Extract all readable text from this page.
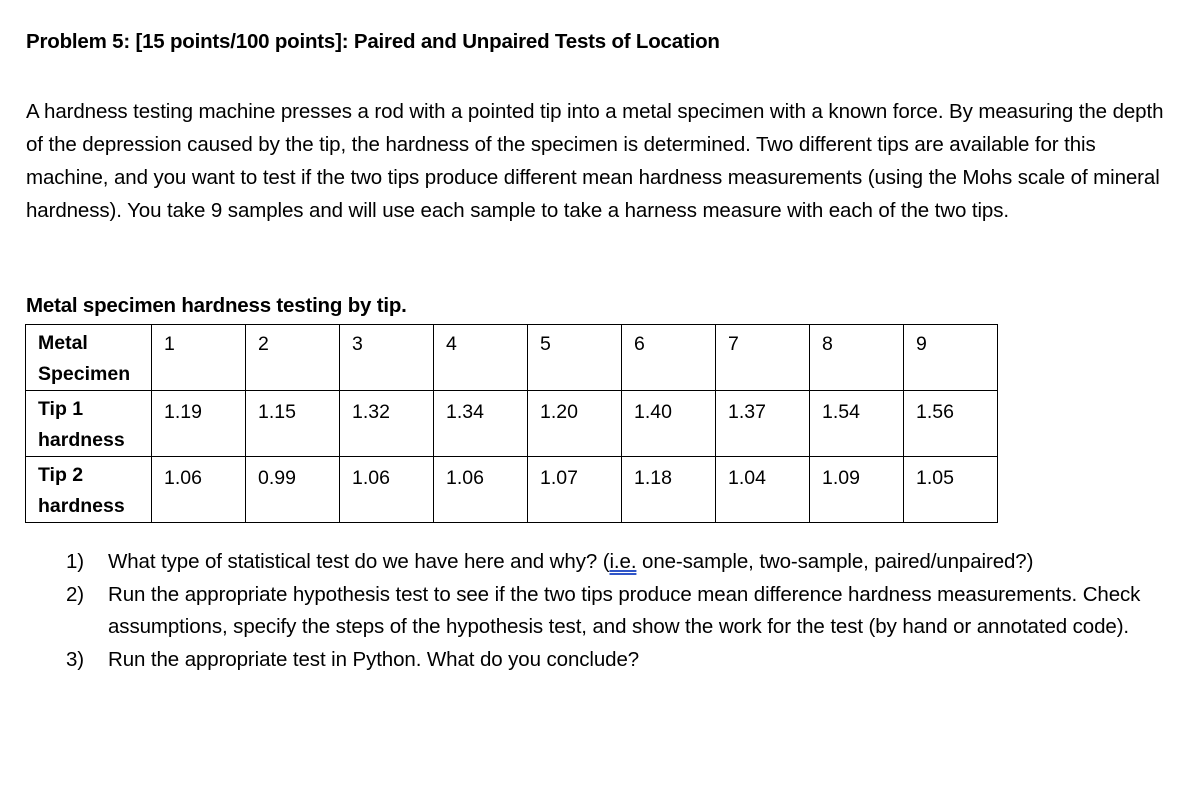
Problem 5: [15 points/100 points]: Paired and Unpaired Tests of Location

A hardness testing machine presses a rod with a pointed tip into a metal specimen with a known force. By measuring the depth of the depression caused by the tip, the hardness of the specimen is determined. Two different tips are available for this machine, and you want to test if the two tips produce different mean hardness measurements (using the Mohs scale of mineral hardness). You take 9 samples and will use each sample to take a harness measure with each of the two tips.

Metal specimen hardness testing by tip.
Metal Specimen	1	2	3	4	5	6	7	8	9
Tip 1 hardness	1.19	1.15	1.32	1.34	1.20	1.40	1.37	1.54	1.56
Tip 2 hardness	1.06	0.99	1.06	1.06	1.07	1.18	1.04	1.09	1.05
1) What type of statistical test do we have here and why? (i.e. one-sample, two-sample, paired/unpaired?)
2) Run the appropriate hypothesis test to see if the two tips produce mean difference hardness measurements. Check assumptions, specify the steps of the hypothesis test, and show the work for the test (by hand or annotated code).
3) Run the appropriate test in Python. What do you conclude?
